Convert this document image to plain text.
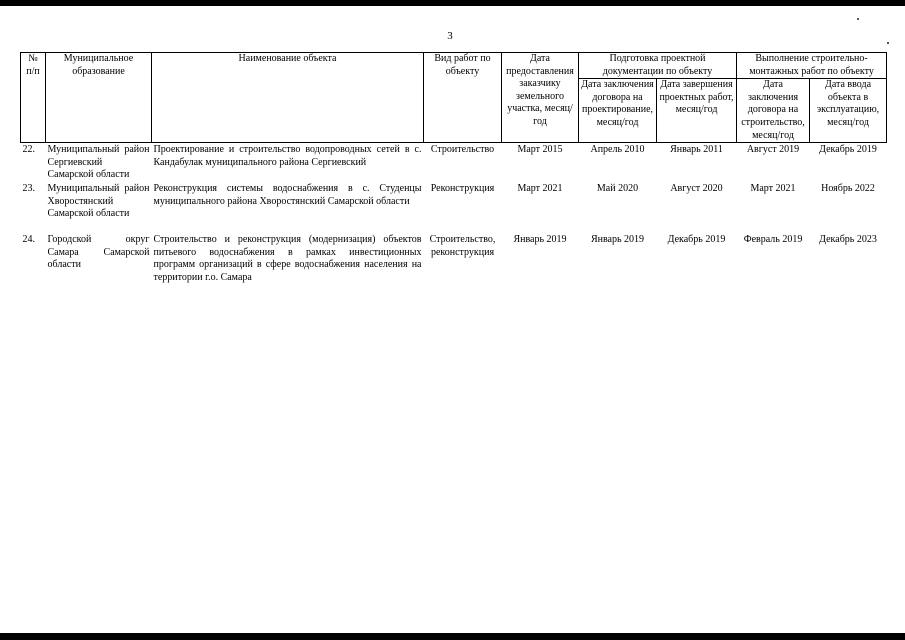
3
№ п/п	Муниципальное образование	Наименование объекта	Вид работ по объекту	Дата предоставления заказчику земельного участка, месяц/год	Подготовка проектной документации по объекту		Выполнение строительно-монтажных работ по объекту	
					Дата заключения договора на проектирование, месяц/год	Дата завершения проектных работ, месяц/год	Дата заключения договора на строительство, месяц/год	Дата ввода объекта в эксплуатацию, месяц/год
22.	Муниципальный район Сергиевский Самарской области	Проектирование и строительство водопроводных сетей в с. Кандабулак муниципального района Сергиевский	Строительство	Март 2015	Апрель 2010	Январь 2011	Август 2019	Декабрь 2019
23.	Муниципальный район Хворостянский Самарской области	Реконструкция системы водоснабжения в с. Студенцы муниципального района Хворостянский Самарской области	Реконструкция	Март 2021	Май 2020	Август 2020	Март 2021	Ноябрь 2022
24.	Городской округ Самара Самарской области	Строительство и реконструкция (модернизация) объектов питьевого водоснабжения в рамках инвестиционных программ организаций в сфере водоснабжения населения на территории г.о. Самара	Строительство, реконструкция	Январь 2019	Январь 2019	Декабрь 2019	Февраль 2019	Декабрь 2023
